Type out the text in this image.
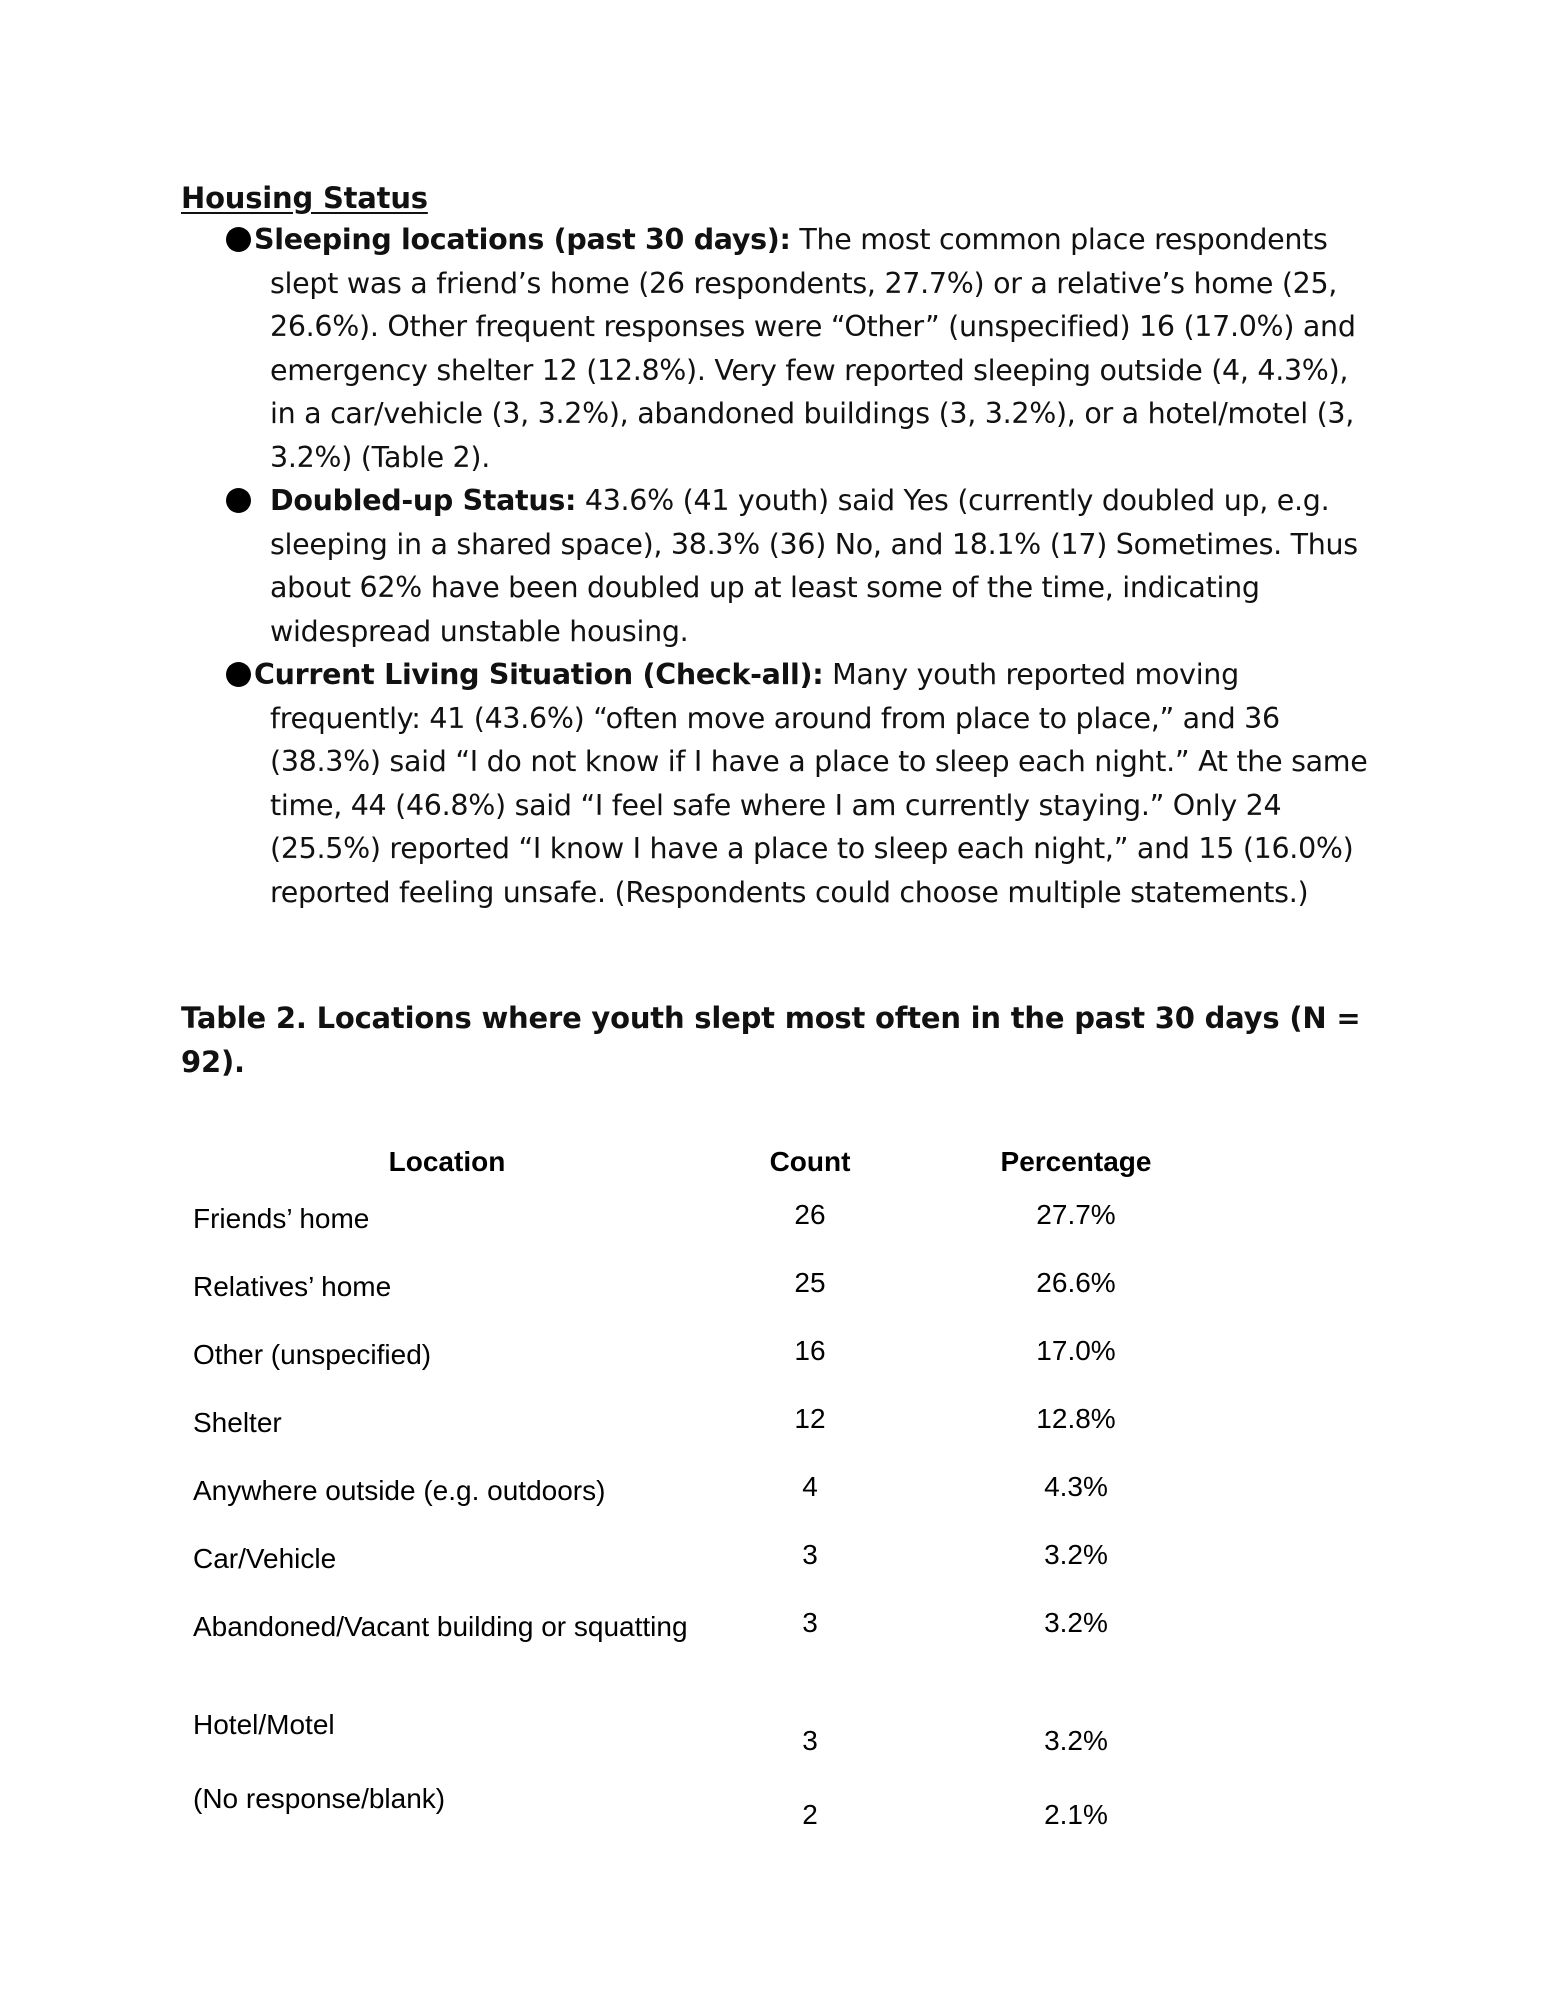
Housing Status
Sleeping locations (past 30 days): The most common place respondents slept was a friend’s home (26 respondents, 27.7%) or a relative’s home (25, 26.6%). Other frequent responses were “Other” (unspecified) 16 (17.0%) and emergency shelter 12 (12.8%). Very few reported sleeping outside (4, 4.3%), in a car/vehicle (3, 3.2%), abandoned buildings (3, 3.2%), or a hotel/motel (3, 3.2%) (Table 2).
Doubled-up Status: 43.6% (41 youth) said Yes (currently doubled up, e.g. sleeping in a shared space), 38.3% (36) No, and 18.1% (17) Sometimes. Thus about 62% have been doubled up at least some of the time, indicating widespread unstable housing.
Current Living Situation (Check-all): Many youth reported moving frequently: 41 (43.6%) “often move around from place to place,” and 36 (38.3%) said “I do not know if I have a place to sleep each night.” At the same time, 44 (46.8%) said “I feel safe where I am currently staying.” Only 24 (25.5%) reported “I know I have a place to sleep each night,” and 15 (16.0%) reported feeling unsafe. (Respondents could choose multiple statements.)

Table 2. Locations where youth slept most often in the past 30 days (N = 92).

Location	Count	Percentage
Friends’ home	26	27.7%
Relatives’ home	25	26.6%
Other (unspecified)	16	17.0%
Shelter	12	12.8%
Anywhere outside (e.g. outdoors)	4	4.3%
Car/Vehicle	3	3.2%
Abandoned/Vacant building or squatting	3	3.2%
Hotel/Motel	3	3.2%
(No response/blank)	2	2.1%
